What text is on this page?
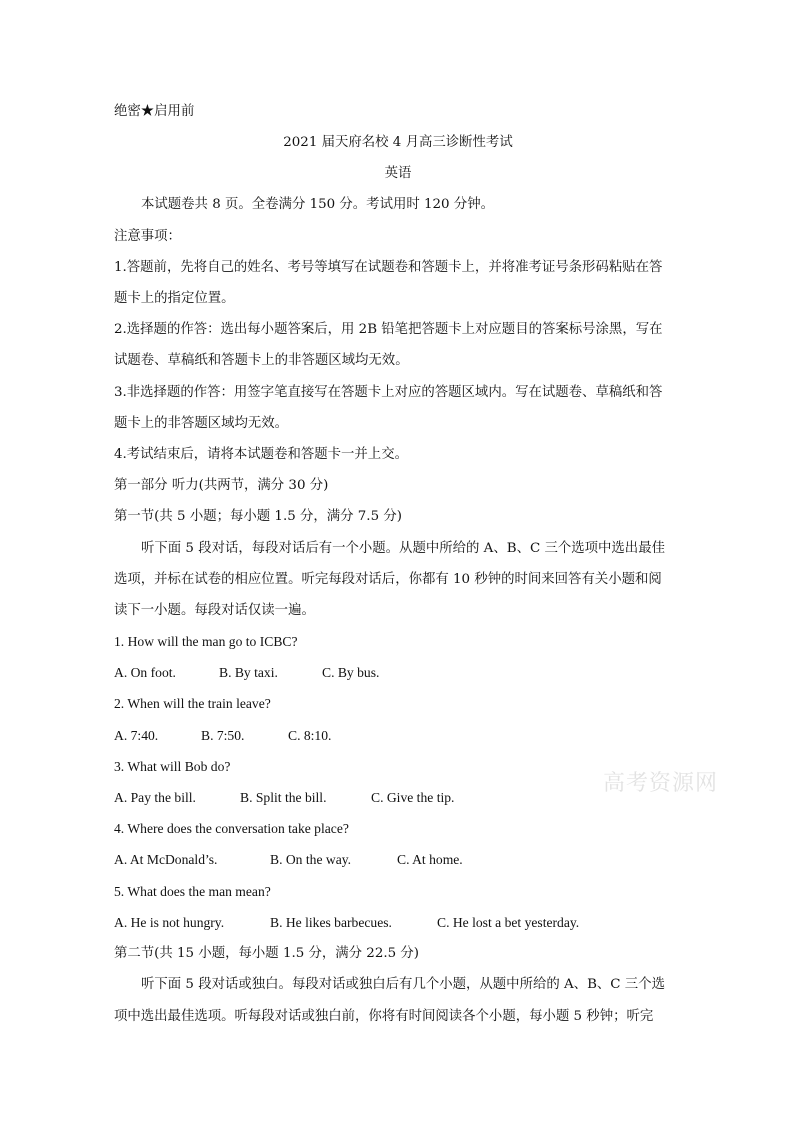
绝密★启用前
2021 届天府名校 4 月高三诊断性考试
英语
本试题卷共 8 页。全卷满分 150 分。考试用时 120 分钟。
注意事项：
1.答题前，先将自己的姓名、考号等填写在试题卷和答题卡上，并将准考证号条形码粘贴在答
题卡上的指定位置。
2.选择题的作答：选出每小题答案后，用 2B 铅笔把答题卡上对应题目的答案标号涂黑，写在
试题卷、草稿纸和答题卡上的非答题区域均无效。
3.非选择题的作答：用签字笔直接写在答题卡上对应的答题区域内。写在试题卷、草稿纸和答
题卡上的非答题区域均无效。
4.考试结束后，请将本试题卷和答题卡一并上交。
第一部分 听力(共两节，满分 30 分)
第一节(共 5 小题；每小题 1.5 分，满分 7.5 分)
听下面 5 段对话，每段对话后有一个小题。从题中所给的 A、B、C 三个选项中选出最佳
选项，并标在试卷的相应位置。听完每段对话后，你都有 10 秒钟的时间来回答有关小题和阅
读下一小题。每段对话仅读一遍。
1. How will the man go to ICBC?
A. On foot.	B. By taxi.	C. By bus.
2. When will the train leave?
A. 7:40.	B. 7:50.	C. 8:10.
3. What will Bob do?
A. Pay the bill.	B. Split the bill.	C. Give the tip.
4. Where does the conversation take place?
A. At McDonald’s.	B. On the way.	C. At home.
5. What does the man mean?
A. He is not hungry.	B. He likes barbecues.	C. He lost a bet yesterday.
第二节(共 15 小题，每小题 1.5 分，满分 22.5 分)
听下面 5 段对话或独白。每段对话或独白后有几个小题，从题中所给的 A、B、C 三个选
项中选出最佳选项。听每段对话或独白前，你将有时间阅读各个小题，每小题 5 秒钟；听完
高考资源网
